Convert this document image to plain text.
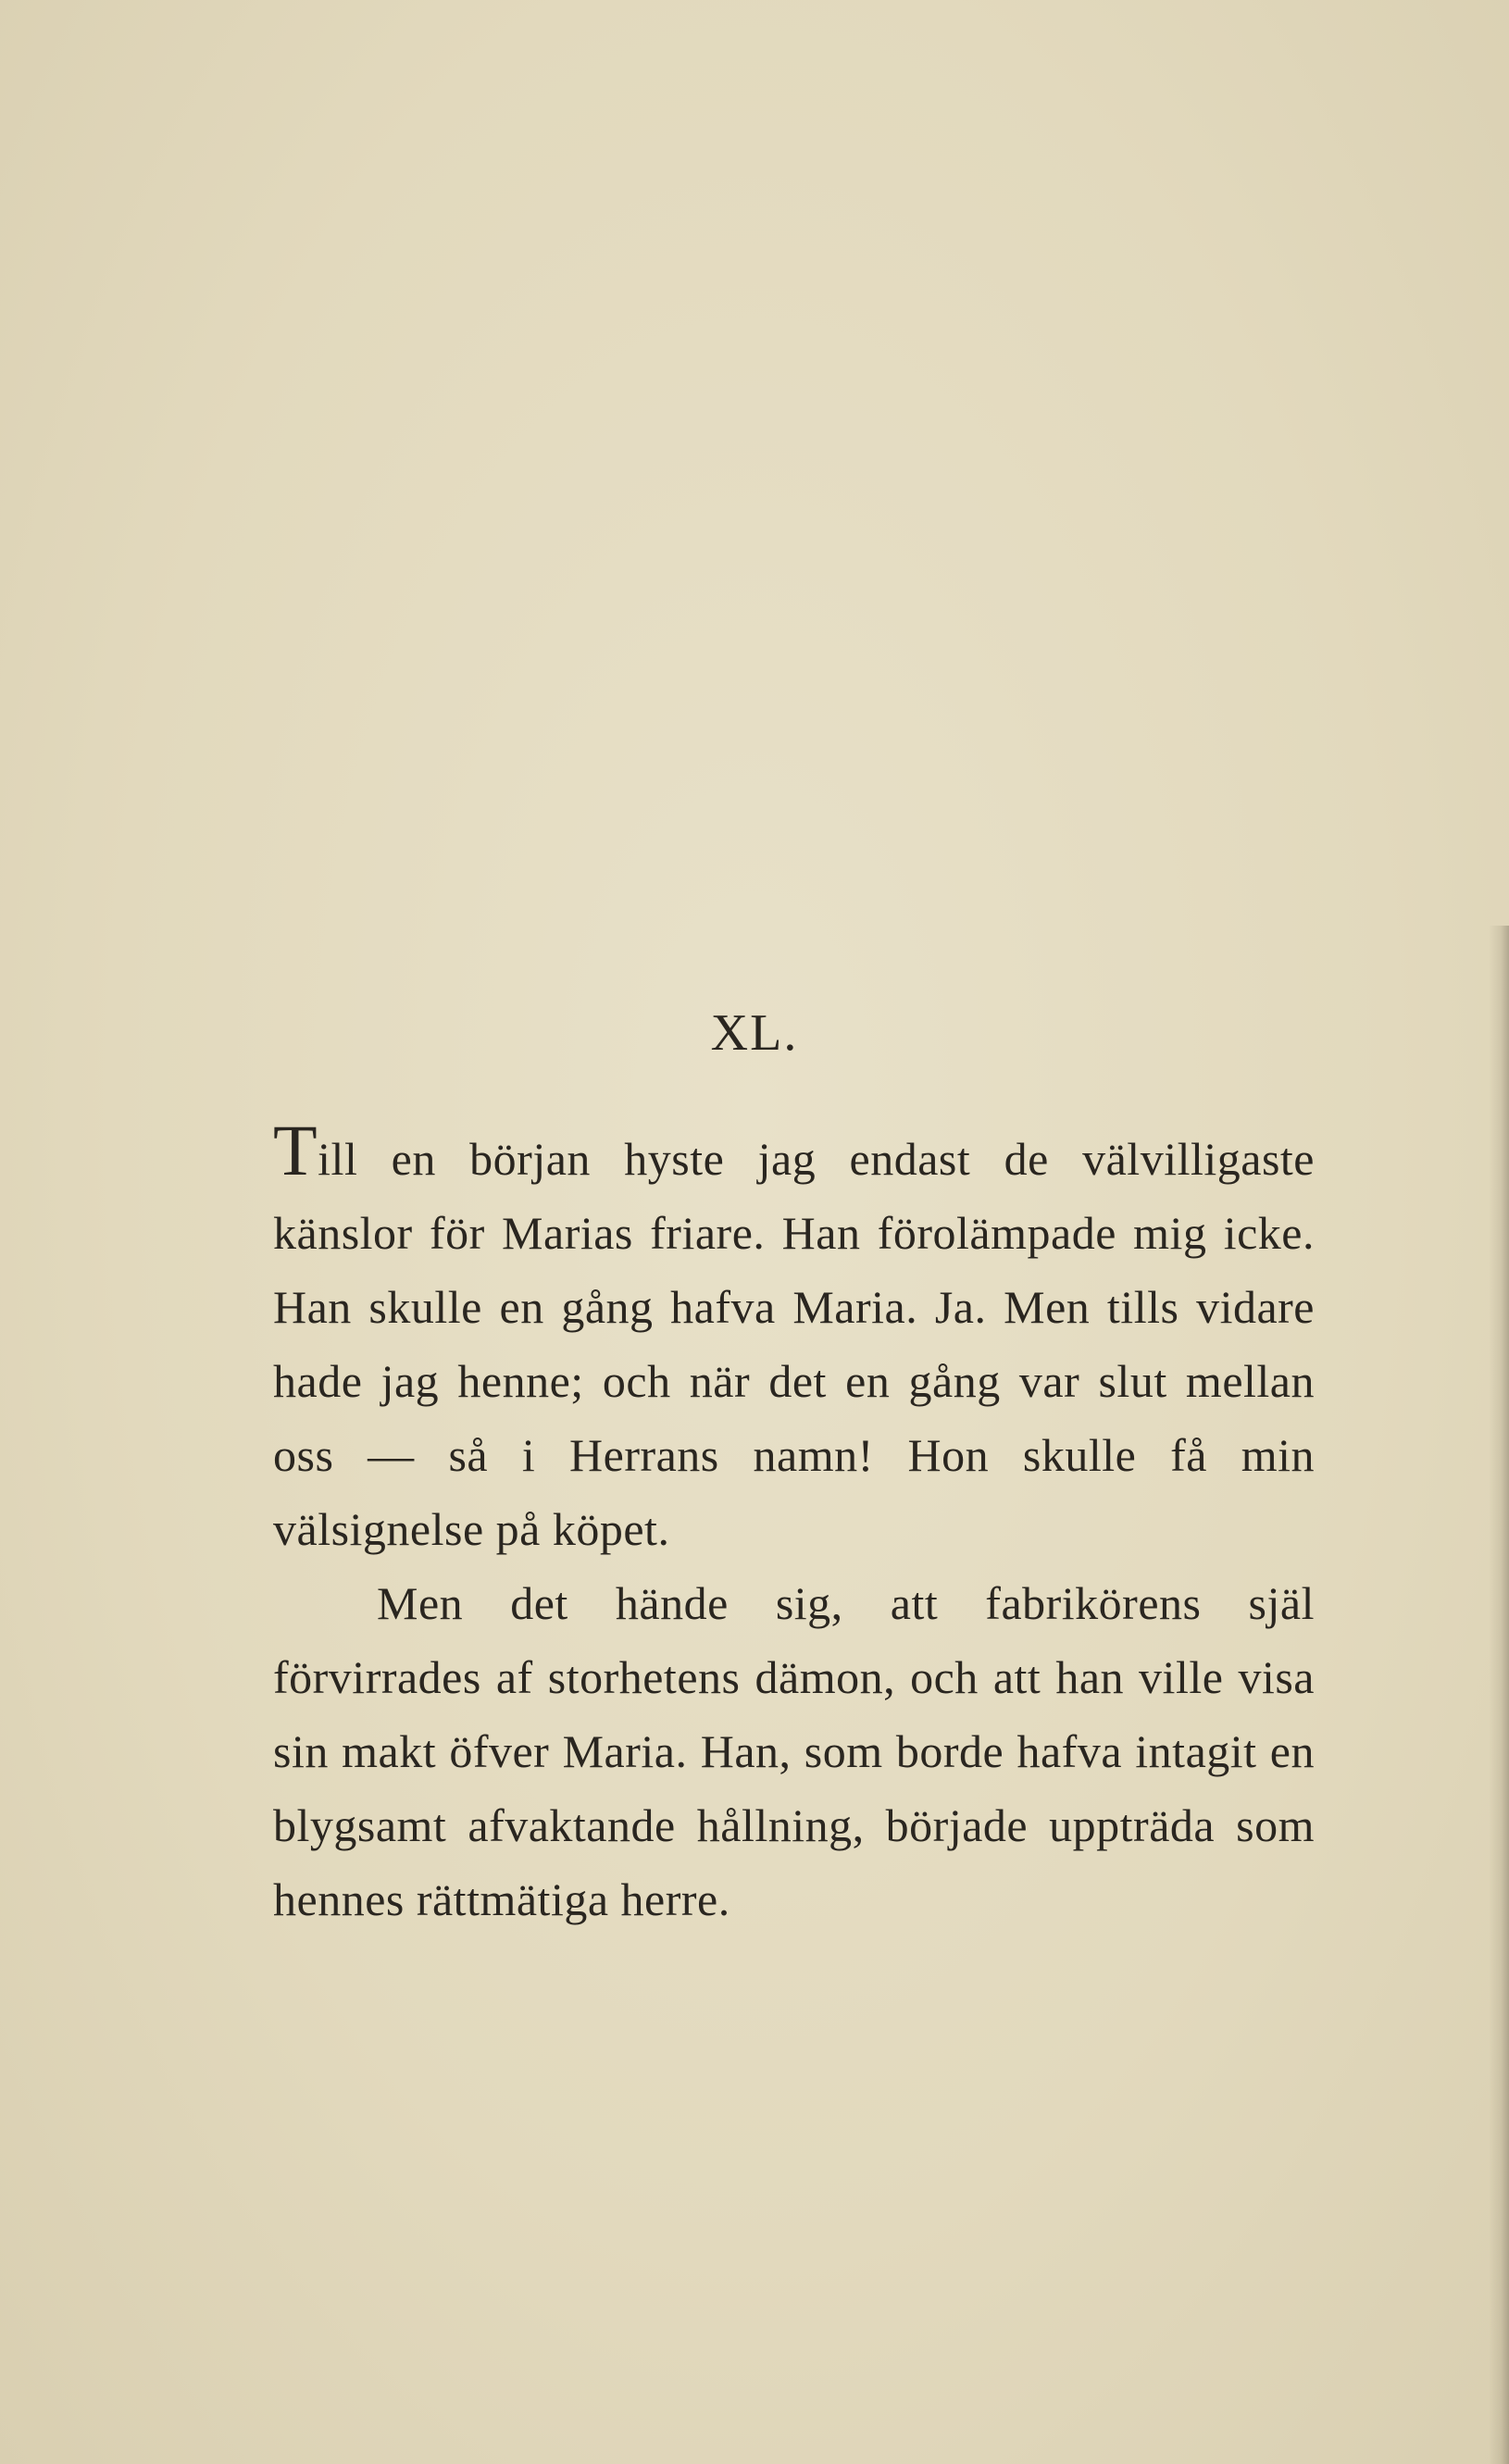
XL.

Till en början hyste jag endast de välvilligaste känslor för Marias friare. Han förolämpade mig icke. Han skulle en gång hafva Maria. Ja. Men tills vidare hade jag henne; och när det en gång var slut mellan oss — så i Herrans namn! Hon skulle få min välsignelse på köpet.

Men det hände sig, att fabrikörens själ förvirrades af storhetens dämon, och att han ville visa sin makt öfver Maria. Han, som borde hafva intagit en blygsamt afvaktande hållning, började uppträda som hennes rättmätiga herre.
